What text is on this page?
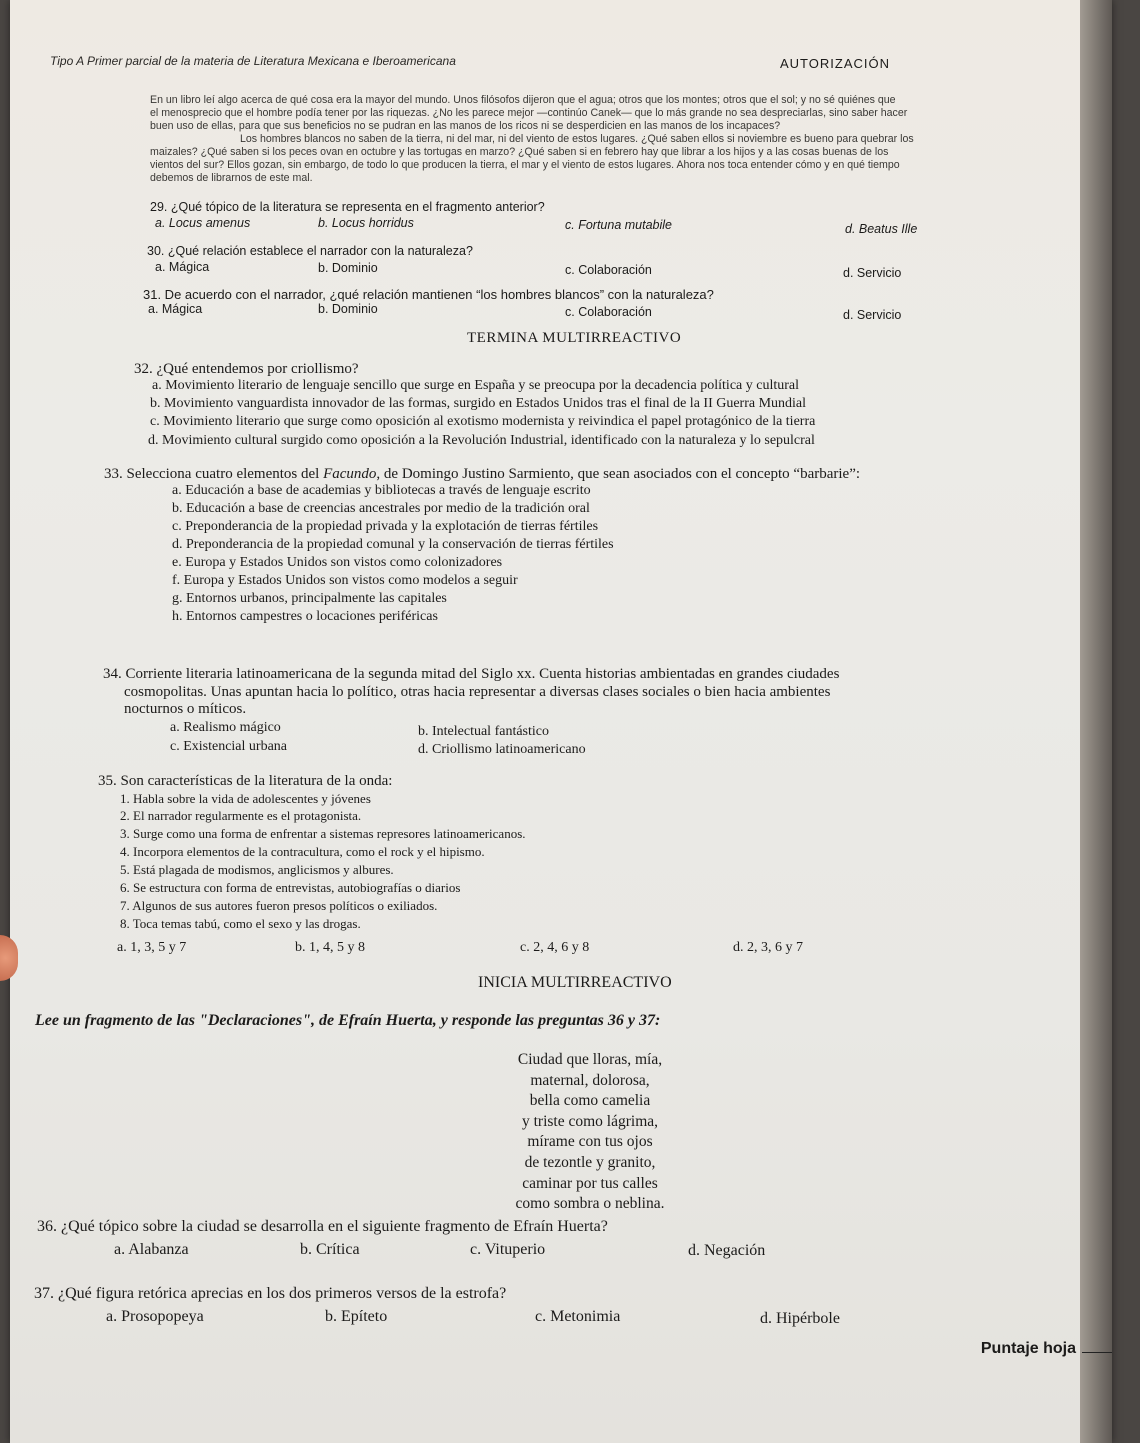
Tipo A Primer parcial de la materia de Literatura Mexicana e Iberoamericana	AUTORIZACIÓN

En un libro leí algo acerca de qué cosa era la mayor del mundo. Unos filósofos dijeron que el agua; otros que los montes; otros que el sol; y no sé quiénes que

el menosprecio que el hombre podía tener por las riquezas. ¿No les parece mejor —continúo Canek— que lo más grande no sea despreciarlas, sino saber hacer

buen uso de ellas, para que sus beneficios no se pudran en las manos de los ricos ni se desperdicien en las manos de los incapaces?

Los hombres blancos no saben de la tierra, ni del mar, ni del viento de estos lugares. ¿Qué saben ellos si noviembre es bueno para quebrar los

maizales? ¿Qué saben si los peces ovan en octubre y las tortugas en marzo? ¿Qué saben si en febrero hay que librar a los hijos y a las cosas buenas de los

vientos del sur? Ellos gozan, sin embargo, de todo lo que producen la tierra, el mar y el viento de estos lugares. Ahora nos toca entender cómo y en qué tiempo

debemos de librarnos de este mal.

29. ¿Qué tópico de la literatura se representa en el fragmento anterior?
a. Locus amenus	b. Locus horridus	c. Fortuna mutabile	d. Beatus Ille
30. ¿Qué relación establece el narrador con la naturaleza?
a. Mágica	b. Dominio	c. Colaboración	d. Servicio
31. De acuerdo con el narrador, ¿qué relación mantienen “los hombres blancos” con la naturaleza?
a. Mágica	b. Dominio	c. Colaboración	d. Servicio
TERMINA MULTIRREACTIVO
32. ¿Qué entendemos por criollismo?
a. Movimiento literario de lenguaje sencillo que surge en España y se preocupa por la decadencia política y cultural
b. Movimiento vanguardista innovador de las formas, surgido en Estados Unidos tras el final de la II Guerra Mundial
c. Movimiento literario que surge como oposición al exotismo modernista y reivindica el papel protagónico de la tierra
d. Movimiento cultural surgido como oposición a la Revolución Industrial, identificado con la naturaleza y lo sepulcral
33. Selecciona cuatro elementos del Facundo, de Domingo Justino Sarmiento, que sean asociados con el concepto “barbarie”:
a. Educación a base de academias y bibliotecas a través de lenguaje escrito
b. Educación a base de creencias ancestrales por medio de la tradición oral
c. Preponderancia de la propiedad privada y la explotación de tierras fértiles
d. Preponderancia de la propiedad comunal y la conservación de tierras fértiles
e. Europa y Estados Unidos son vistos como colonizadores
f. Europa y Estados Unidos son vistos como modelos a seguir
g. Entornos urbanos, principalmente las capitales
h. Entornos campestres o locaciones periféricas
34. Corriente literaria latinoamericana de la segunda mitad del Siglo xx. Cuenta historias ambientadas en grandes ciudades
cosmopolitas. Unas apuntan hacia lo político, otras hacia representar a diversas clases sociales o bien hacia ambientes
nocturnos o míticos.
a. Realismo mágico	b. Intelectual fantástico
c. Existencial urbana	d. Criollismo latinoamericano
35. Son características de la literatura de la onda:
1. Habla sobre la vida de adolescentes y jóvenes
2. El narrador regularmente es el protagonista.
3. Surge como una forma de enfrentar a sistemas represores latinoamericanos.
4. Incorpora elementos de la contracultura, como el rock y el hipismo.
5. Está plagada de modismos, anglicismos y albures.
6. Se estructura con forma de entrevistas, autobiografías o diarios
7. Algunos de sus autores fueron presos políticos o exiliados.
8. Toca temas tabú, como el sexo y las drogas.
a. 1, 3, 5 y 7	b. 1, 4, 5 y 8	c. 2, 4, 6 y 8	d. 2, 3, 6 y 7
INICIA MULTIRREACTIVO
Lee un fragmento de las "Declaraciones", de Efraín Huerta, y responde las preguntas 36 y 37:
Ciudad que lloras, mía,
maternal, dolorosa,
bella como camelia
y triste como lágrima,
mírame con tus ojos
de tezontle y granito,
caminar por tus calles
como sombra o neblina.
36. ¿Qué tópico sobre la ciudad se desarrolla en el siguiente fragmento de Efraín Huerta?
a. Alabanza	b. Crítica	c. Vituperio	d. Negación
37. ¿Qué figura retórica aprecias en los dos primeros versos de la estrofa?
a. Prosopopeya	b. Epíteto	c. Metonimia	d. Hipérbole
Puntaje hoja
